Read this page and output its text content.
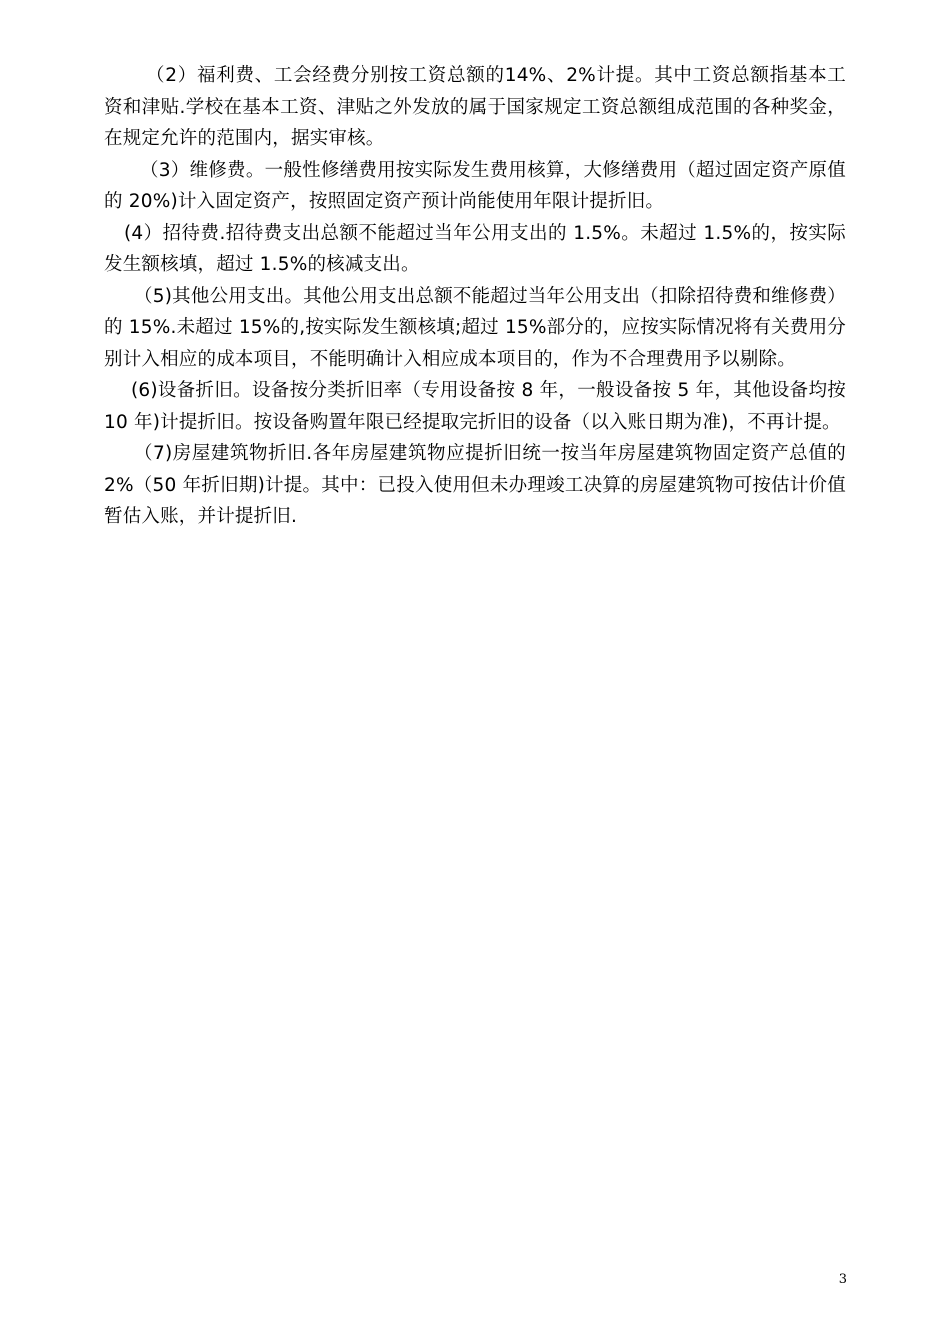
（2）福利费、工会经费分别按工资总额的14%、2%计提。其中工资总额指基本工资和津贴.学校在基本工资、津贴之外发放的属于国家规定工资总额组成范围的各种奖金，在规定允许的范围内，据实审核。

（3）维修费。一般性修缮费用按实际发生费用核算，大修缮费用（超过固定资产原值的 20%)计入固定资产，按照固定资产预计尚能使用年限计提折旧。

(4）招待费.招待费支出总额不能超过当年公用支出的 1.5%。未超过 1.5%的，按实际发生额核填，超过 1.5%的核减支出。

（5)其他公用支出。其他公用支出总额不能超过当年公用支出（扣除招待费和维修费）的 15%.未超过 15%的,按实际发生额核填;超过 15%部分的，应按实际情况将有关费用分别计入相应的成本项目，不能明确计入相应成本项目的，作为不合理费用予以剔除。

(6)设备折旧。设备按分类折旧率（专用设备按 8 年，一般设备按 5 年，其他设备均按 10 年)计提折旧。按设备购置年限已经提取完折旧的设备（以入账日期为准)，不再计提。

（7)房屋建筑物折旧.各年房屋建筑物应提折旧统一按当年房屋建筑物固定资产总值的 2%（50 年折旧期)计提。其中：已投入使用但未办理竣工决算的房屋建筑物可按估计价值暂估入账，并计提折旧.

3
